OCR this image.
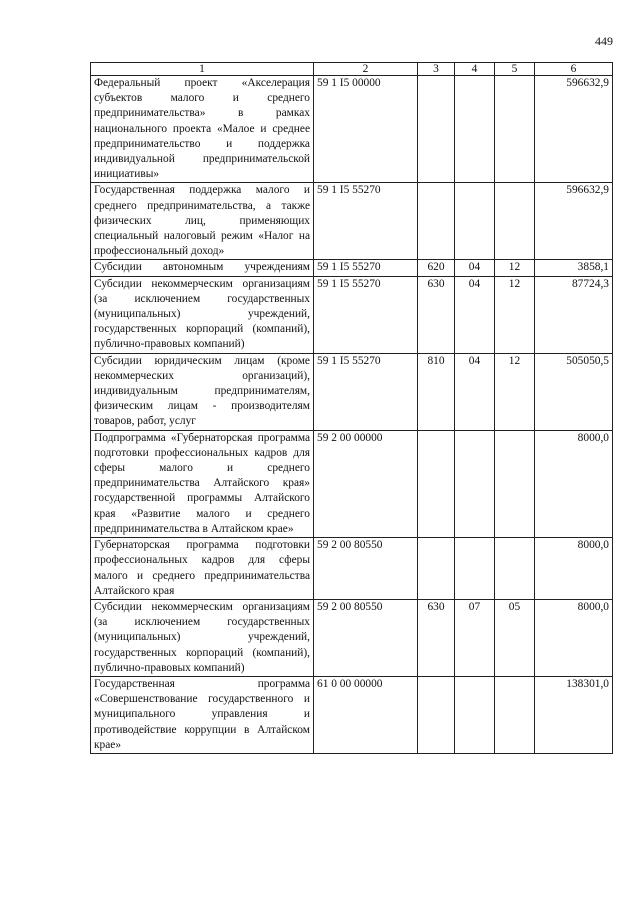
449
1	2	3	4	5	6
Федеральный проект «Акселерация субъектов малого и среднего предпринимательства» в рамках национального проекта «Малое и среднее предпринимательство и поддержка индивидуальной предпринимательской инициативы»	59 1 I5 00000				596632,9
Государственная поддержка малого и среднего предпринимательства, а также физических лиц, применяющих специальный налоговый режим «Налог на профессиональный доход»	59 1 I5 55270				596632,9
Субсидии автономным учреждениям	59 1 I5 55270	620	04	12	3858,1
Субсидии некоммерческим организациям (за исключением государственных (муниципальных) учреждений, государственных корпораций (компаний), публично-правовых компаний)	59 1 I5 55270	630	04	12	87724,3
Субсидии юридическим лицам (кроме некоммерческих организаций), индивидуальным предпринимателям, физическим лицам - производителям товаров, работ, услуг	59 1 I5 55270	810	04	12	505050,5
Подпрограмма «Губернаторская программа подготовки профессиональных кадров для сферы малого и среднего предпринимательства Алтайского края» государственной программы Алтайского края «Развитие малого и среднего предпринимательства в Алтайском крае»	59 2 00 00000				8000,0
Губернаторская программа подготовки профессиональных кадров для сферы малого и среднего предпринимательства Алтайского края	59 2 00 80550				8000,0
Субсидии некоммерческим организациям (за исключением государственных (муниципальных) учреждений, государственных корпораций (компаний), публично-правовых компаний)	59 2 00 80550	630	07	05	8000,0
Государственная программа «Совершенствование государственного и муниципального управления и противодействие коррупции в Алтайском крае»	61 0 00 00000				138301,0
